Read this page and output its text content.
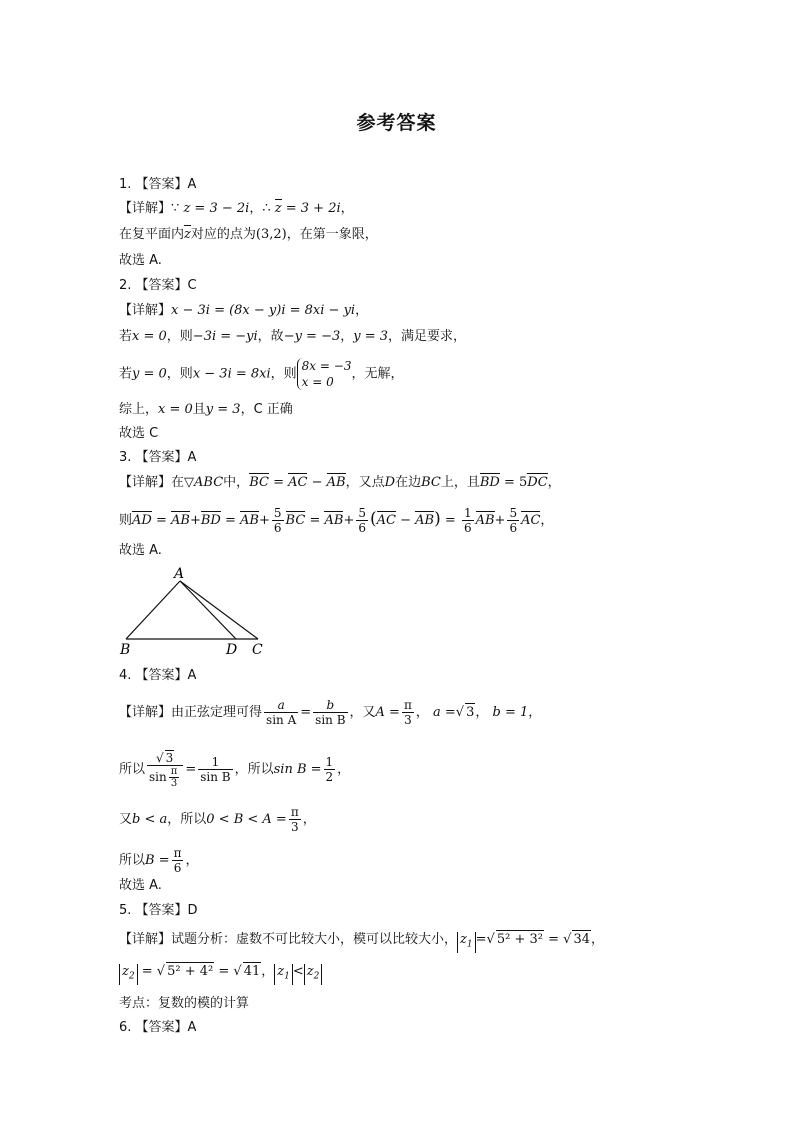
参考答案
1. 【答案】A
【详解】∵ z = 3 − 2i，∴ z = 3 + 2i，
在复平面内z对应的点为(3,2)，在第一象限，
故选 A.
2. 【答案】C
【详解】x − 3i = (8x − y)i = 8xi − yi，
若x = 0，则−3i = −yi，故−y = −3，y = 3，满足要求，
若y = 0，则x − 3i = 8xi，则
8x = −3
x = 0
，无解，
综上，x = 0且y = 3，C 正确
故选 C
3. 【答案】A
【详解】在▽ABC中，BC = AC − AB，又点D在边BC上，且BD = 5DC，
则AD = $AB+BD = AB+ \frac{5}{6}$ BC = $AB+ \frac{5}{6} (AC - AB) = \frac{1}{6} AB+ \frac{5}{6}$ AC，
故选 A.
A
B	D C
4. 【答案】A
【详解】由正弦定理可得 $\frac{a}{\text{sin A}} = \frac{b}{\text{sin B}}$ ，又$A = \frac{\pi}{3}$ ， a =√ 3， b = 1，
所以 $\frac{√ 3}{\sin \frac{\pi}{3}} = \frac{1}{\text{sin B}}$ ，所以$\sin B = \frac{1}{2}$ ，
又b < a，所以$0 < B < A = \frac{\pi}{3}$ ，
所以$B = \frac{\pi}{6}$ ，
故选 A.
5. 【答案】D
【详解】试题分析：虚数不可比较大小，模可以比较大小， $z_1$ =√ 5² + 3² = √ 34，
$z_2$ = √ 5² + 4² = √ 41， $z_1 < z_2$
考点：复数的模的计算
6. 【答案】A
